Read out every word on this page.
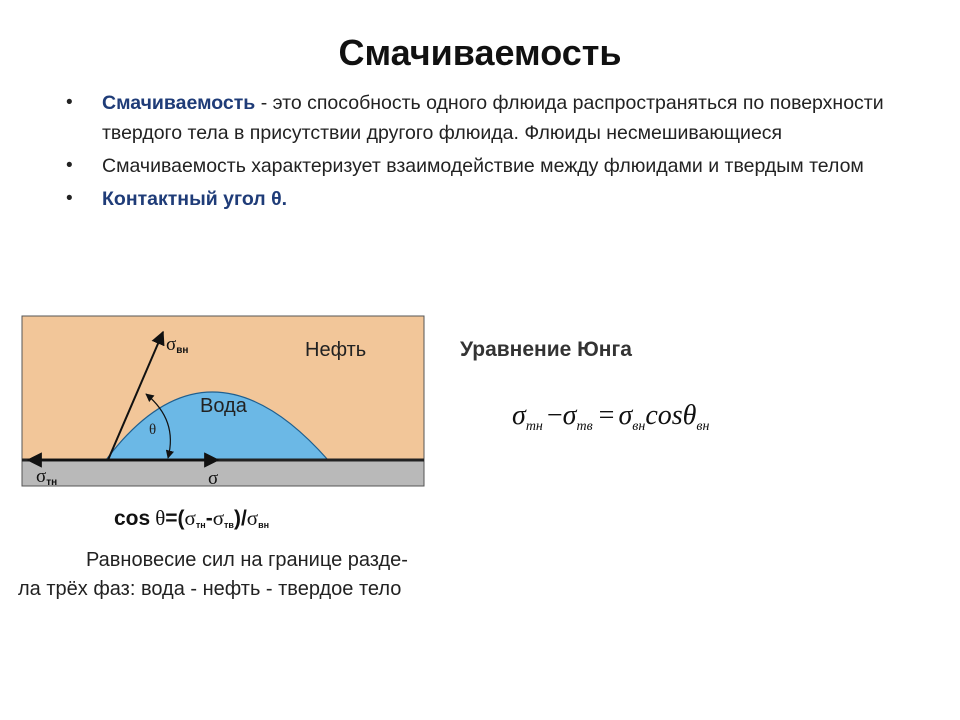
Смачиваемость
• Смачиваемость - это способность одного флюида распространяться по поверхности твердого тела в присутствии другого флюида. Флюиды несмешивающиеся
• Смачиваемость характеризует взаимодействие между флюидами и твердым телом
• Контактный угол θ.
Нефть
Вода
θ
σвн
σтн	σ
cos θ=(σтн-σтв)/σвн
Равновесие сил на границе разде-
ла трёх фаз: вода - нефть - твердое тело
Уравнение Юнга
$\sigma_{тн} -\sigma_{тв} = \sigma_{вн}\cos\theta_{вн}$
